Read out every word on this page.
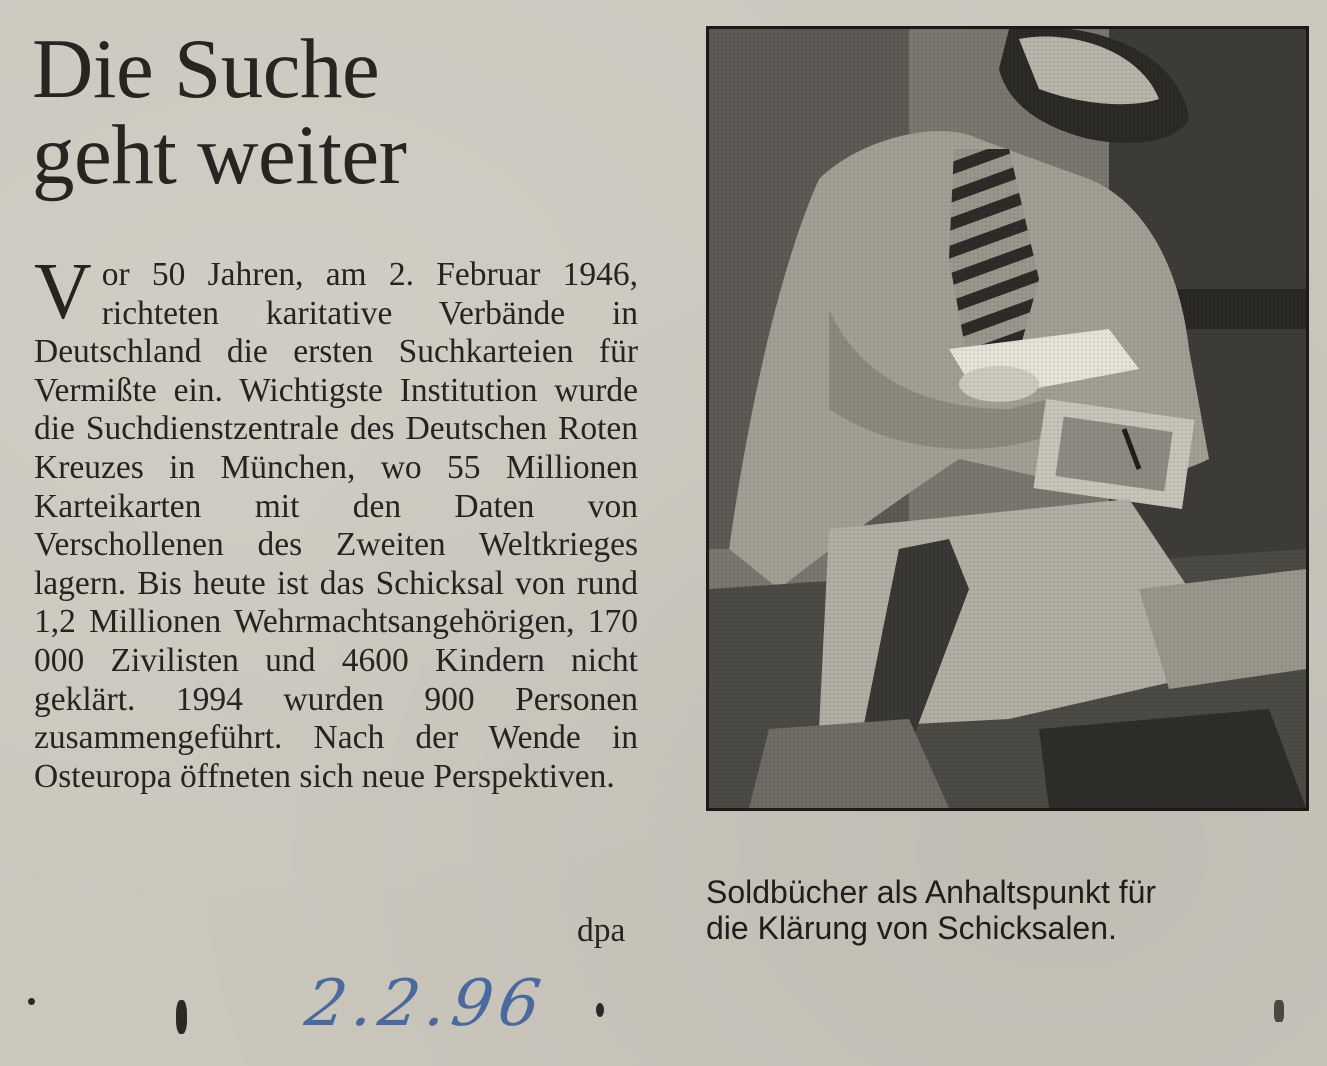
Die Suche
geht weiter

Vor 50 Jahren, am 2. Februar 1946, richteten karitative Verbände in Deutschland die ersten Suchkarteien für Vermißte ein. Wichtigste Institution wurde die Suchdienstzentrale des Deutschen Roten Kreuzes in München, wo 55 Millionen Karteikarten mit den Daten von Verschollenen des Zweiten Weltkrieges lagern. Bis heute ist das Schicksal von rund 1,2 Millionen Wehrmachtsangehörigen, 170 000 Zivilisten und 4600 Kindern nicht geklärt. 1994 wurden 900 Personen zusammengeführt. Nach der Wende in Osteuropa öffneten sich neue Perspektiven.

dpa

Soldbücher als Anhaltspunkt für
die Klärung von Schicksalen.

2.2.96
